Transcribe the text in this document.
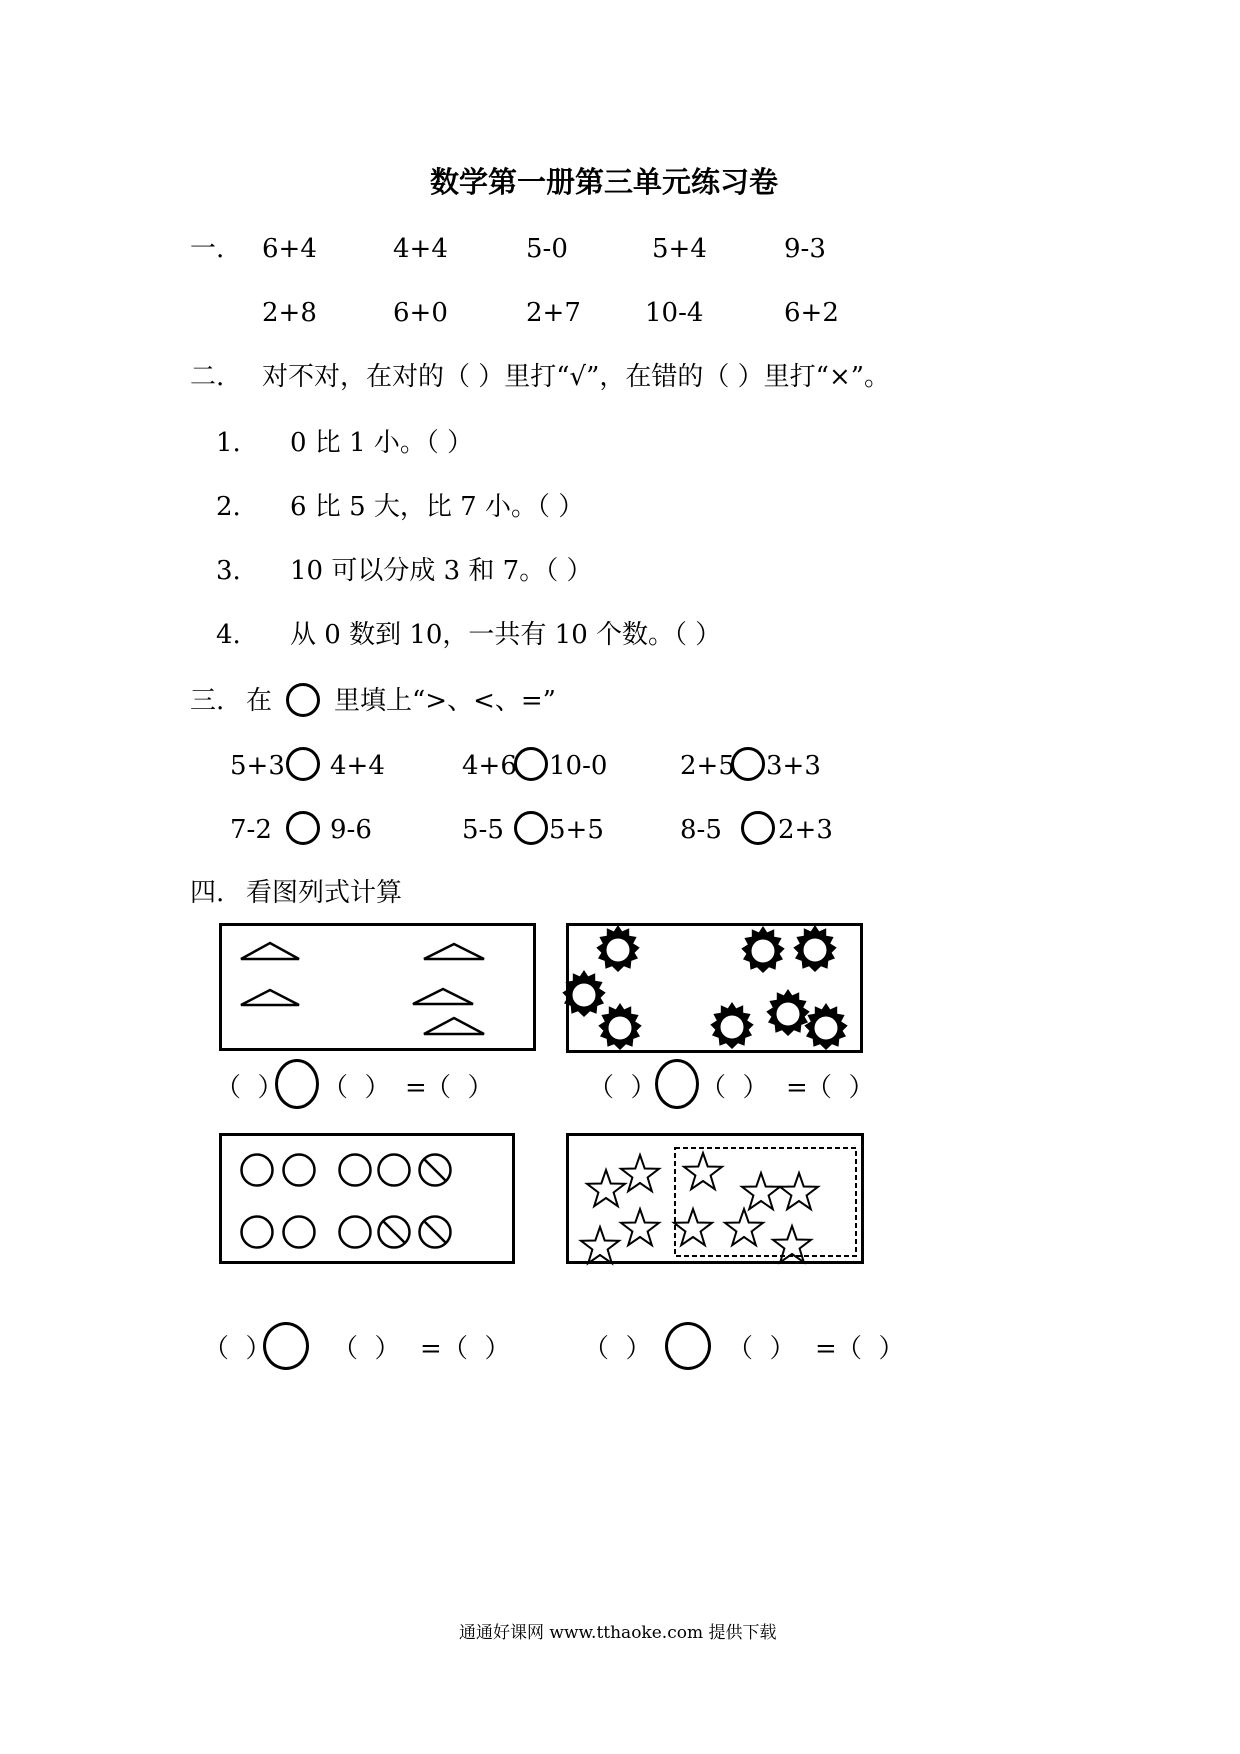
数学第一册第三单元练习卷
一. 6+4	4+4	5-0	5+4	9-3
2+8	6+0	2+7 10-4	6+2
二. 对不对，在对的（ ）里打“√”，在错的（ ）里打“×”。
1. 0 比 1 小。（ ）
2. 6 比 5 大，比 7 小。（ ）
3. 10 可以分成 3 和 7。（ ）
4. 从 0 数到 10，一共有 10 个数。（ ）
三. 在 里填上“>、<、=”
5+3 4+4	4+6 10-0	2+5 3+3
7-2 9-6	5-5 5+5	8-5 2+3
四. 看图列式计算
（ ） （ ） =
（ ）	（ ） （ ） =
（ ）
（ ） （ ） = （ ）	（ ）	（ ） = （ ）
通通好课网 www.tthaoke.com 提供下载
